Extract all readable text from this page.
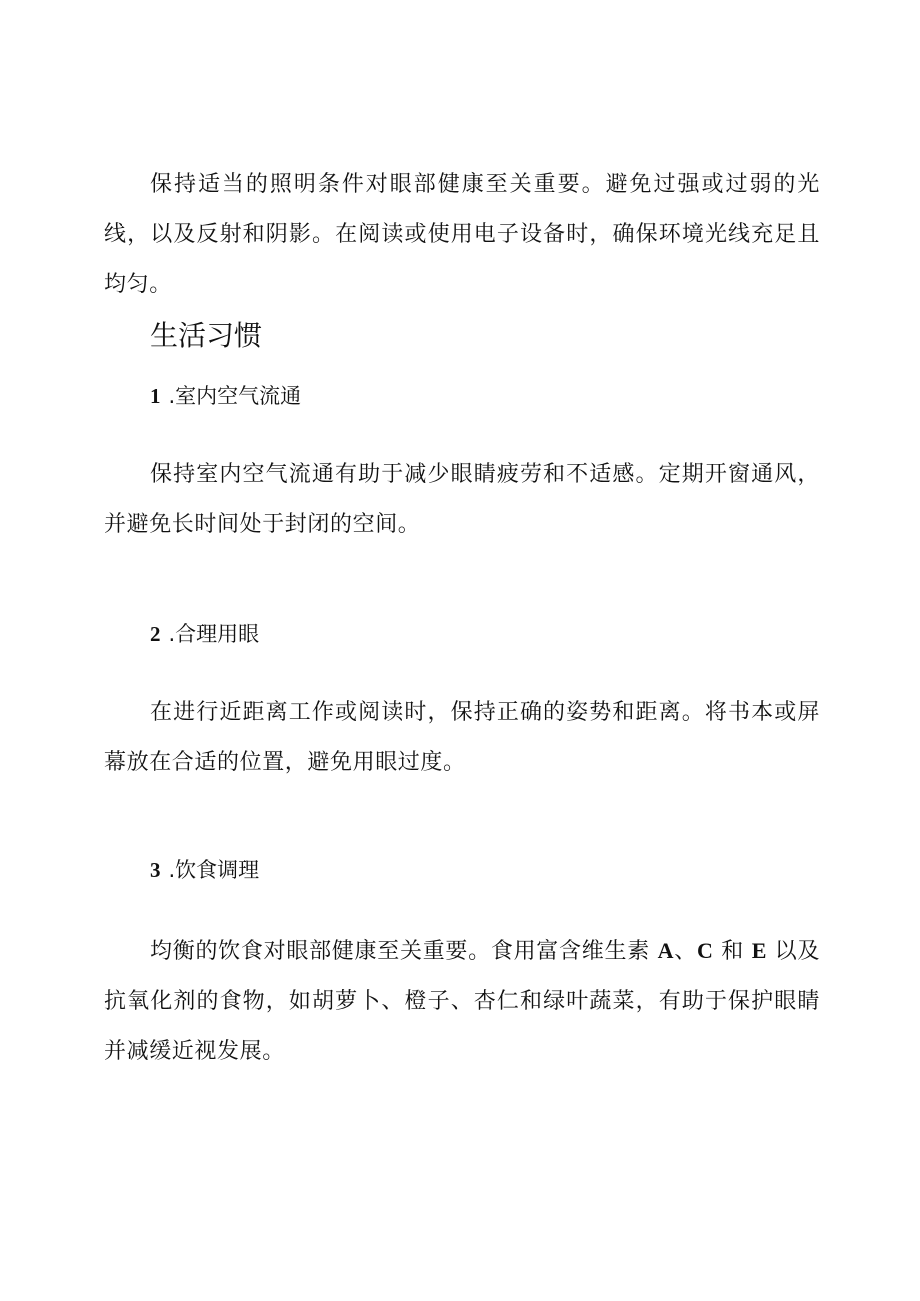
保持适当的照明条件对眼部健康至关重要。避免过强或过弱的光线，以及反射和阴影。在阅读或使用电子设备时，确保环境光线充足且均匀。

生活习惯
1 .室内空气流通

保持室内空气流通有助于减少眼睛疲劳和不适感。定期开窗通风，并避免长时间处于封闭的空间。

2 .合理用眼

在进行近距离工作或阅读时，保持正确的姿势和距离。将书本或屏幕放在合适的位置，避免用眼过度。

3 .饮食调理

均衡的饮食对眼部健康至关重要。食用富含维生素 A、C 和 E 以及抗氧化剂的食物，如胡萝卜、橙子、杏仁和绿叶蔬菜，有助于保护眼睛并减缓近视发展。
